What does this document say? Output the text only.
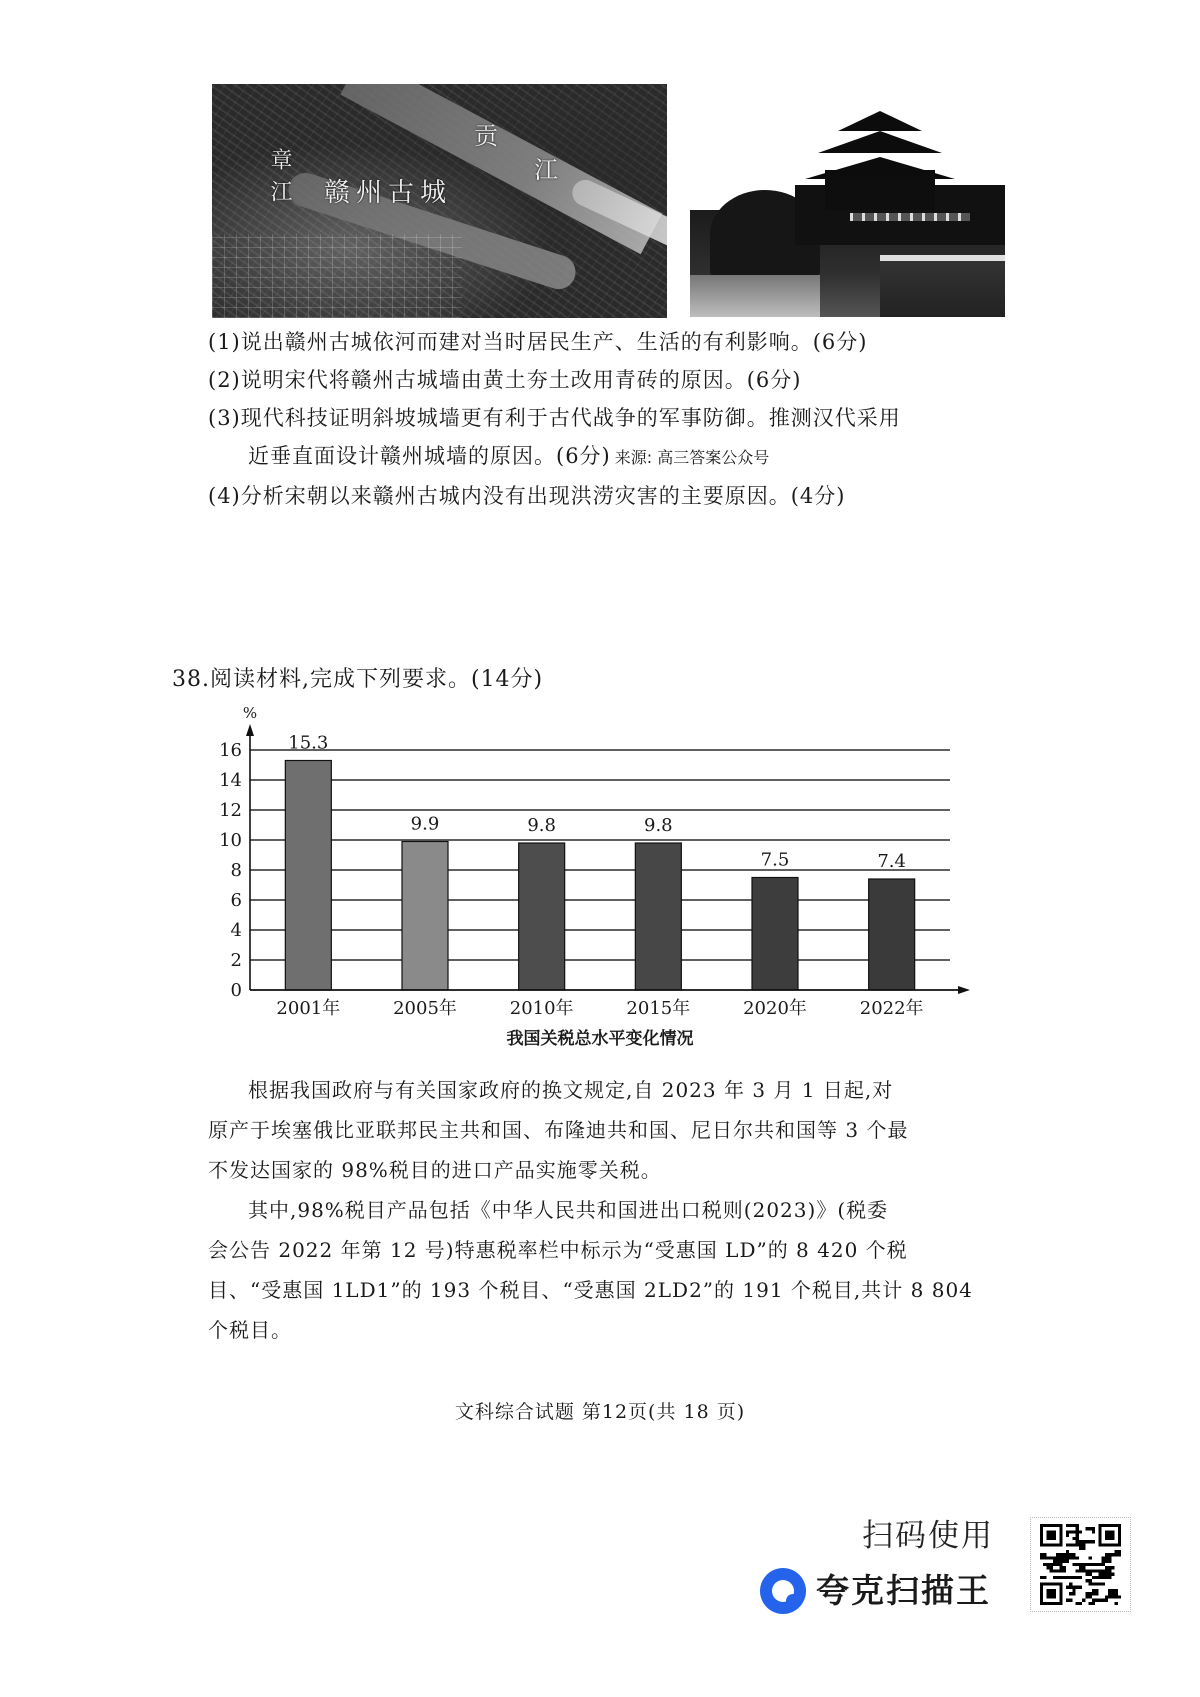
章江 赣州古城
贡
江
(1)说出赣州古城依河而建对当时居民生产、生活的有利影响。(6分)
(2)说明宋代将赣州古城墙由黄土夯土改用青砖的原因。(6分)
(3)现代科技证明斜坡城墙更有利于古代战争的军事防御。推测汉代采用
近垂直面设计赣州城墙的原因。(6分) 来源: 高三答案公众号
(4)分析宋朝以来赣州古城内没有出现洪涝灾害的主要原因。(4分)
38.阅读材料,完成下列要求。(14分)
0
2
4
6
8
10
12
14
16
%
15.3
2001年
9.9
2005年
9.8
2010年
9.8
2015年
7.5
2020年
7.4
2022年
我国关税总水平变化情况
根据我国政府与有关国家政府的换文规定,自 2023 年 3 月 1 日起,对
原产于埃塞俄比亚联邦民主共和国、布隆迪共和国、尼日尔共和国等 3 个最
不发达国家的 98%税目的进口产品实施零关税。
其中,98%税目产品包括《中华人民共和国进出口税则(2023)》(税委
会公告 2022 年第 12 号)特惠税率栏中标示为“受惠国 LD”的 8 420 个税
目、“受惠国 1LD1”的 193 个税目、“受惠国 2LD2”的 191 个税目,共计 8 804
个税目。
文科综合试题 第12页(共 18 页)
扫码使用
夸克扫描王
